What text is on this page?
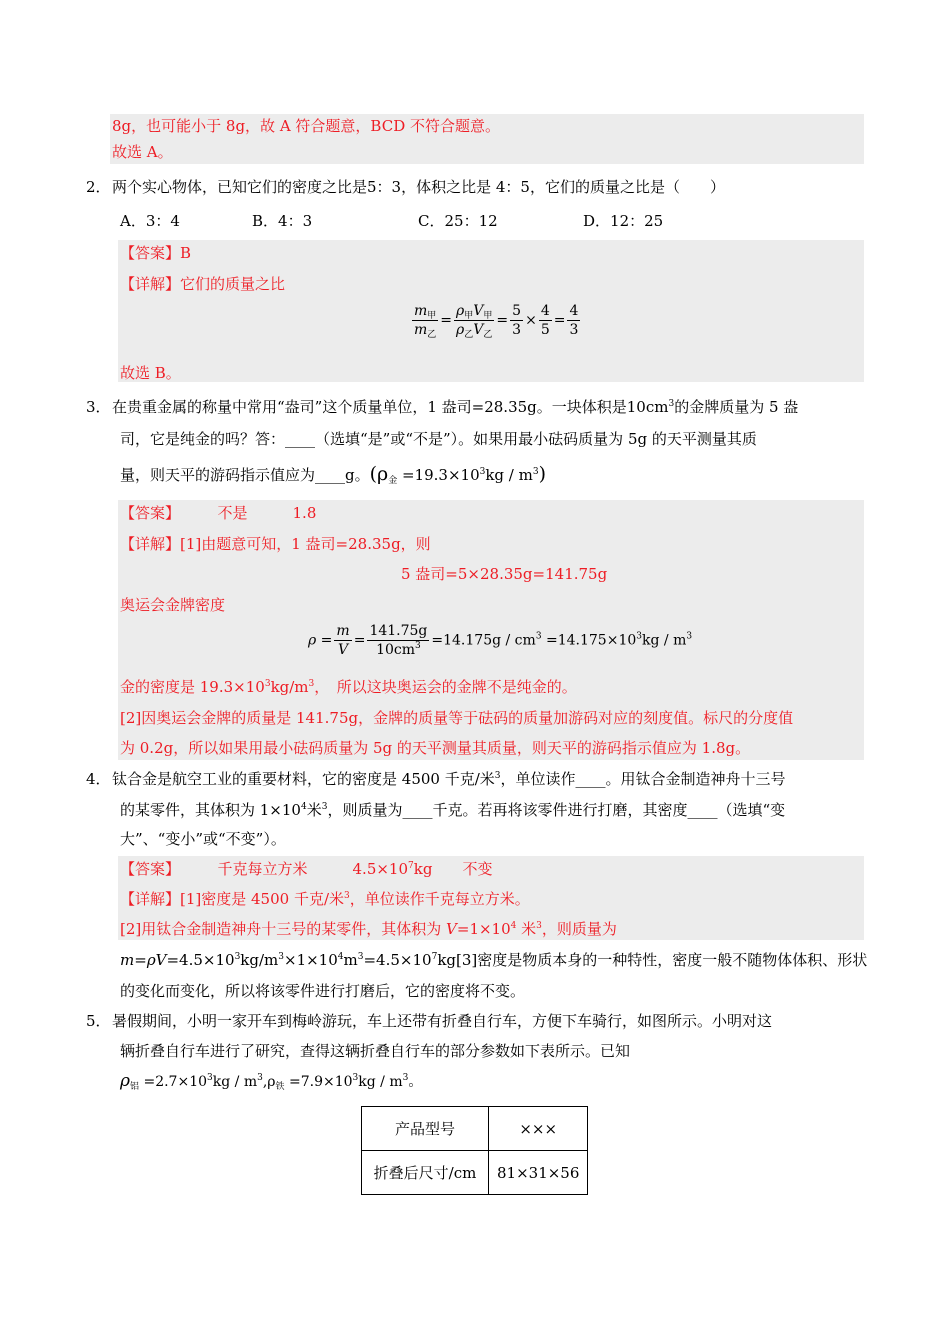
8g，也可能小于 8g，故 A 符合题意，BCD 不符合题意。
故选 A。
2． 两个实心物体，已知它们的密度之比是5：3，体积之比是 4：5，它们的质量之比是（　　）
A．3：4	B．4：3	C．25：12	D．12：25
【答案】B
【详解】它们的质量之比
$\frac{m_甲}{m_乙} = \frac{\rho_甲V_甲}{\rho_乙V_乙} = \frac{5}{3} \times \frac{4}{5} = \frac{4}{3}$
故选 B。
3． 在贵重金属的称量中常用“盎司”这个质量单位，1 盎司=28.35g。一块体积是$10cm^3$的金牌质量为 5 盎
司，它是纯金的吗？答：____（选填“是”或“不是”）。如果用最小砝码质量为 5g 的天平测量其质
量，则天平的游码指示值应为____g。$(\rho_金 =19.3\times 10^3kg / m^3)$
【答案】　　　不是　　　1.8
【详解】[1]由题意可知，1 盎司=28.35g，则
5 盎司=5×28.35g=141.75g
奥运会金牌密度
$\rho = \frac{m}{V} = \frac{141.75g}{10cm^3} =14.175g / cm^3 =14.175\times 10^3kg / m^3$
金的密度是 $19.3\times 10^3kg/m^3$，　所以这块奥运会的金牌不是纯金的。
[2]因奥运会金牌的质量是 141.75g，金牌的质量等于砝码的质量加游码对应的刻度值。标尺的分度值
为 0.2g，所以如果用最小砝码质量为 5g 的天平测量其质量，则天平的游码指示值应为 1.8g。
4． 钛合金是航空工业的重要材料，它的密度是 4500 千克/米$^3$，单位读作____。用钛合金制造神舟十三号
的某零件，其体积为 $1\times 10^4$米$^3$，则质量为____千克。若再将该零件进行打磨，其密度____（选填“变
大”、“变小”或“不变”）。
【答案】　　　千克每立方米　　　$4.5\times 10^7kg$　　不变
【详解】[1]密度是 4500 千克/米$^3$，单位读作千克每立方米。
[2]用钛合金制造神舟十三号的某零件，其体积为 $V=1\times 10^4$ 米$^3$，则质量为
$m=\rho V=4.5\times 10^3kg/m^3\times 1\times 10^4m^3=4.5\times 10^7kg[3]$密度是物质本身的一种特性，密度一般不随物体体积、形状
的变化而变化，所以将该零件进行打磨后，它的密度将不变。
5． 暑假期间，小明一家开车到梅岭游玩，车上还带有折叠自行车，方便下车骑行，如图所示。小明对这
辆折叠自行车进行了研究，查得这辆折叠自行车的部分参数如下表所示。已知
$\rho_铝 =2.7\times 10^3kg / m^3,\rho_铁 =7.9\times 10^3kg / m^3$。
产品型号	×××
折叠后尺寸/cm	81×31×56
